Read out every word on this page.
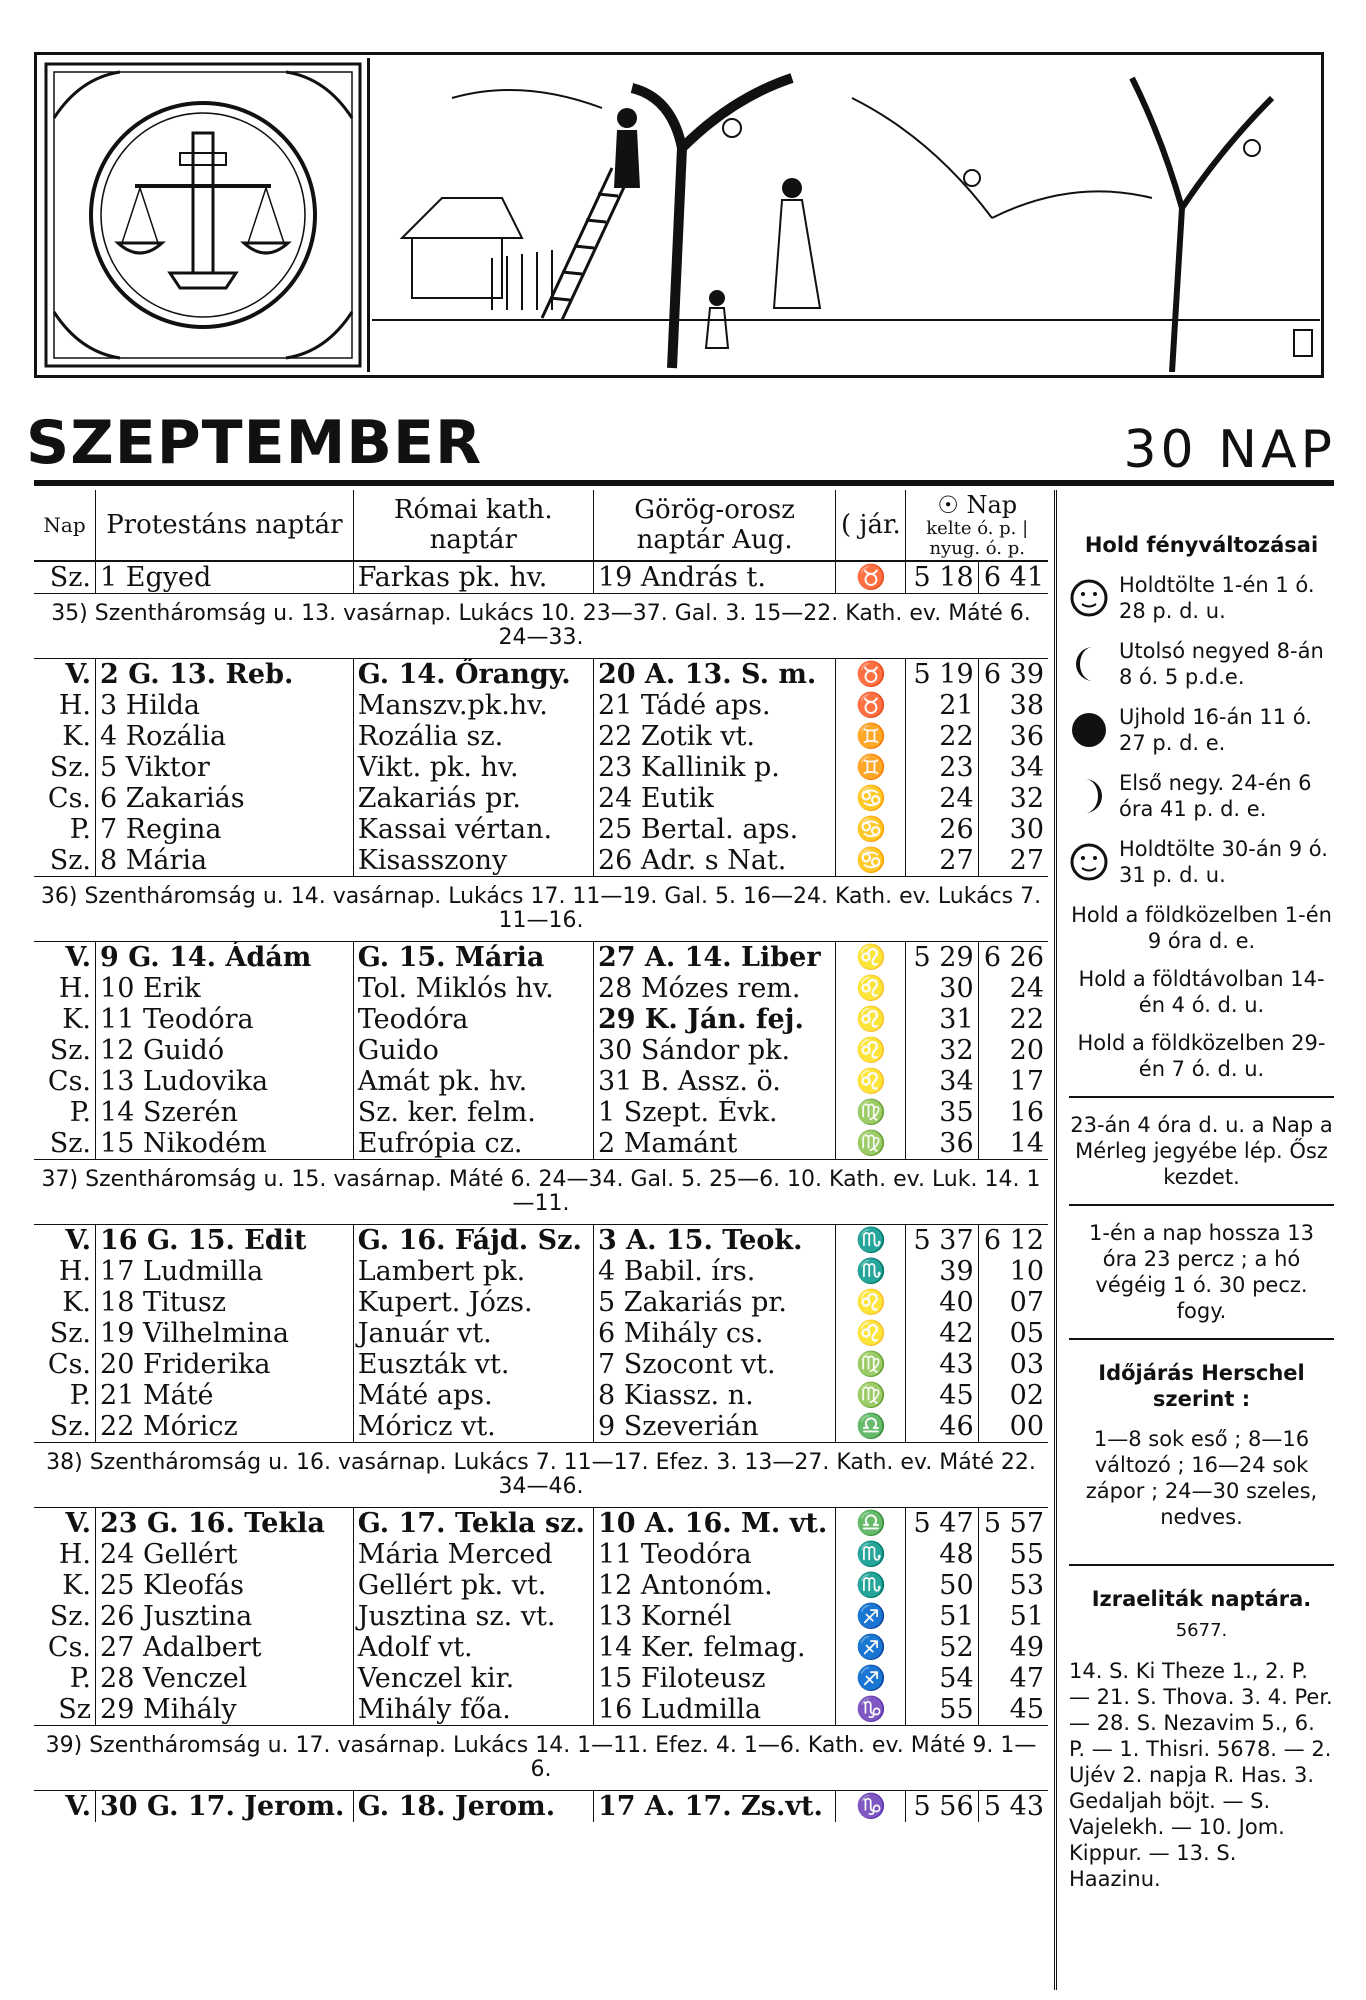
SZEPTEMBER	30 NAP
Nap	Protestáns naptár	Római kath. naptár	Görög-orosz naptár Aug.	( jár.	☉ Nap
kelte ó. p. | nyug. ó. p.	
Sz.	1 Egyed	Farkas pk. hv.	19 András t.	♉	5 18	6 41
35) Szentháromság u. 13. vasárnap. Lukács 10. 23—37. Gal. 3. 15—22. Kath. ev. Máté 6. 24—33.						
V.	2 G. 13. Reb.	G. 14. Őrangy.	20 A. 13. S. m.	♉	5 19	6 39
H.	3 Hilda	Manszv.pk.hv.	21 Tádé aps.	♉	21	38
K.	4 Rozália	Rozália sz.	22 Zotik vt.	♊	22	36
Sz.	5 Viktor	Vikt. pk. hv.	23 Kallinik p.	♊	23	34
Cs.	6 Zakariás	Zakariás pr.	24 Eutik	♋	24	32
P.	7 Regina	Kassai vértan.	25 Bertal. aps.	♋	26	30
Sz.	8 Mária	Kisasszony	26 Adr. s Nat.	♋	27	27
36) Szentháromság u. 14. vasárnap. Lukács 17. 11—19. Gal. 5. 16—24. Kath. ev. Lukács 7. 11—16.						
V.	9 G. 14. Ádám	G. 15. Mária	27 A. 14. Liber	♌	5 29	6 26
H.	10 Erik	Tol. Miklós hv.	28 Mózes rem.	♌	30	24
K.	11 Teodóra	Teodóra	29 K. Ján. fej.	♌	31	22
Sz.	12 Guidó	Guido	30 Sándor pk.	♌	32	20
Cs.	13 Ludovika	Amát pk. hv.	31 B. Assz. ö.	♌	34	17
P.	14 Szerén	Sz. ker. felm.	1 Szept. Évk.	♍	35	16
Sz.	15 Nikodém	Eufrópia cz.	2 Mamánt	♍	36	14
37) Szentháromság u. 15. vasárnap. Máté 6. 24—34. Gal. 5. 25—6. 10. Kath. ev. Luk. 14. 1—11.						
V.	16 G. 15. Edit	G. 16. Fájd. Sz.	3 A. 15. Teok.	♏	5 37	6 12
H.	17 Ludmilla	Lambert pk.	4 Babil. írs.	♏	39	10
K.	18 Titusz	Kupert. Józs.	5 Zakariás pr.	♌	40	07
Sz.	19 Vilhelmina	Január vt.	6 Mihály cs.	♌	42	05
Cs.	20 Friderika	Euszták vt.	7 Szocont vt.	♍	43	03
P.	21 Máté	Máté aps.	8 Kiassz. n.	♍	45	02
Sz.	22 Móricz	Móricz vt.	9 Szeverián	♎	46	00
38) Szentháromság u. 16. vasárnap. Lukács 7. 11—17. Efez. 3. 13—27. Kath. ev. Máté 22. 34—46.						
V.	23 G. 16. Tekla	G. 17. Tekla sz.	10 A. 16. M. vt.	♎	5 47	5 57
H.	24 Gellért	Mária Merced	11 Teodóra	♏	48	55
K.	25 Kleofás	Gellért pk. vt.	12 Antonóm.	♏	50	53
Sz.	26 Jusztina	Jusztina sz. vt.	13 Kornél	♐	51	51
Cs.	27 Adalbert	Adolf vt.	14 Ker. felmag.	♐	52	49
P.	28 Venczel	Venczel kir.	15 Filoteusz	♐	54	47
Sz	29 Mihály	Mihály főa.	16 Ludmilla	♑	55	45
39) Szentháromság u. 17. vasárnap. Lukács 14. 1—11. Efez. 4. 1—6. Kath. ev. Máté 9. 1—6.						
V.	30 G. 17. Jerom.	G. 18. Jerom.	17 A. 17. Zs.vt.	♑	5 56	5 43
Hold fényváltozásai
Holdtölte 1-én 1 ó. 28 p. d. u.
Utolsó negyed 8-án 8 ó. 5 p.d.e.
Ujhold 16-án 11 ó. 27 p. d. e.
Első negy. 24-én 6 óra 41 p. d. e.
Holdtölte 30-án 9 ó. 31 p. d. u.
Hold a földközelben 1-én 9 óra d. e.
Hold a földtávolban 14-én 4 ó. d. u.
Hold a földközelben 29-én 7 ó. d. u.
23-án 4 óra d. u. a Nap a Mérleg jegyébe lép. Ősz kezdet.
1-én a nap hossza 13 óra 23 percz ; a hó végéig 1 ó. 30 pecz. fogy.
Időjárás Herschel szerint :
1—8 sok eső ; 8—16 változó ; 16—24 sok zápor ; 24—30 szeles, nedves.
Izraeliták naptára.
5677.
14. S. Ki Theze 1., 2. P. — 21. S. Thova. 3. 4. Per. — 28. S. Nezavim 5., 6. P. — 1. Thisri. 5678. — 2. Ujév 2. napja R. Has. 3. Gedaljah böjt. — S. Vajelekh. — 10. Jom. Kippur. — 13. S. Haazinu.
